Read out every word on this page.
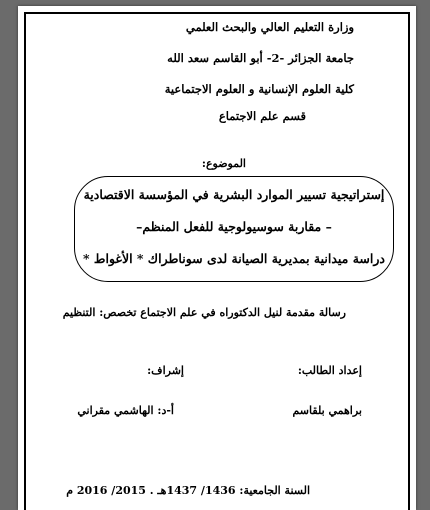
وزارة التعليم العالي والبحث العلمي
جامعة الجزائر -2- أبو القاسم سعد الله
كلية العلوم الإنسانية و العلوم الاجتماعية
قسم علم الاجتماع
الموضوع:
إستراتيجية تسيير الموارد البشرية في المؤسسة الاقتصادية
– مقاربة سوسيولوجية للفعل المنظم–
دراسة ميدانية بمديرية الصيانة لدى سوناطراك * الأغواط *
رسالة مقدمة لنيل الدكتوراه في علم الاجتماع تخصص: التنظيم
إعداد الطالب:
إشراف:
براهمي بلقاسم
أ-د: الهاشمي مقراني
السنة الجامعية: 1436/ 1437هـ . 2015/ 2016 م
